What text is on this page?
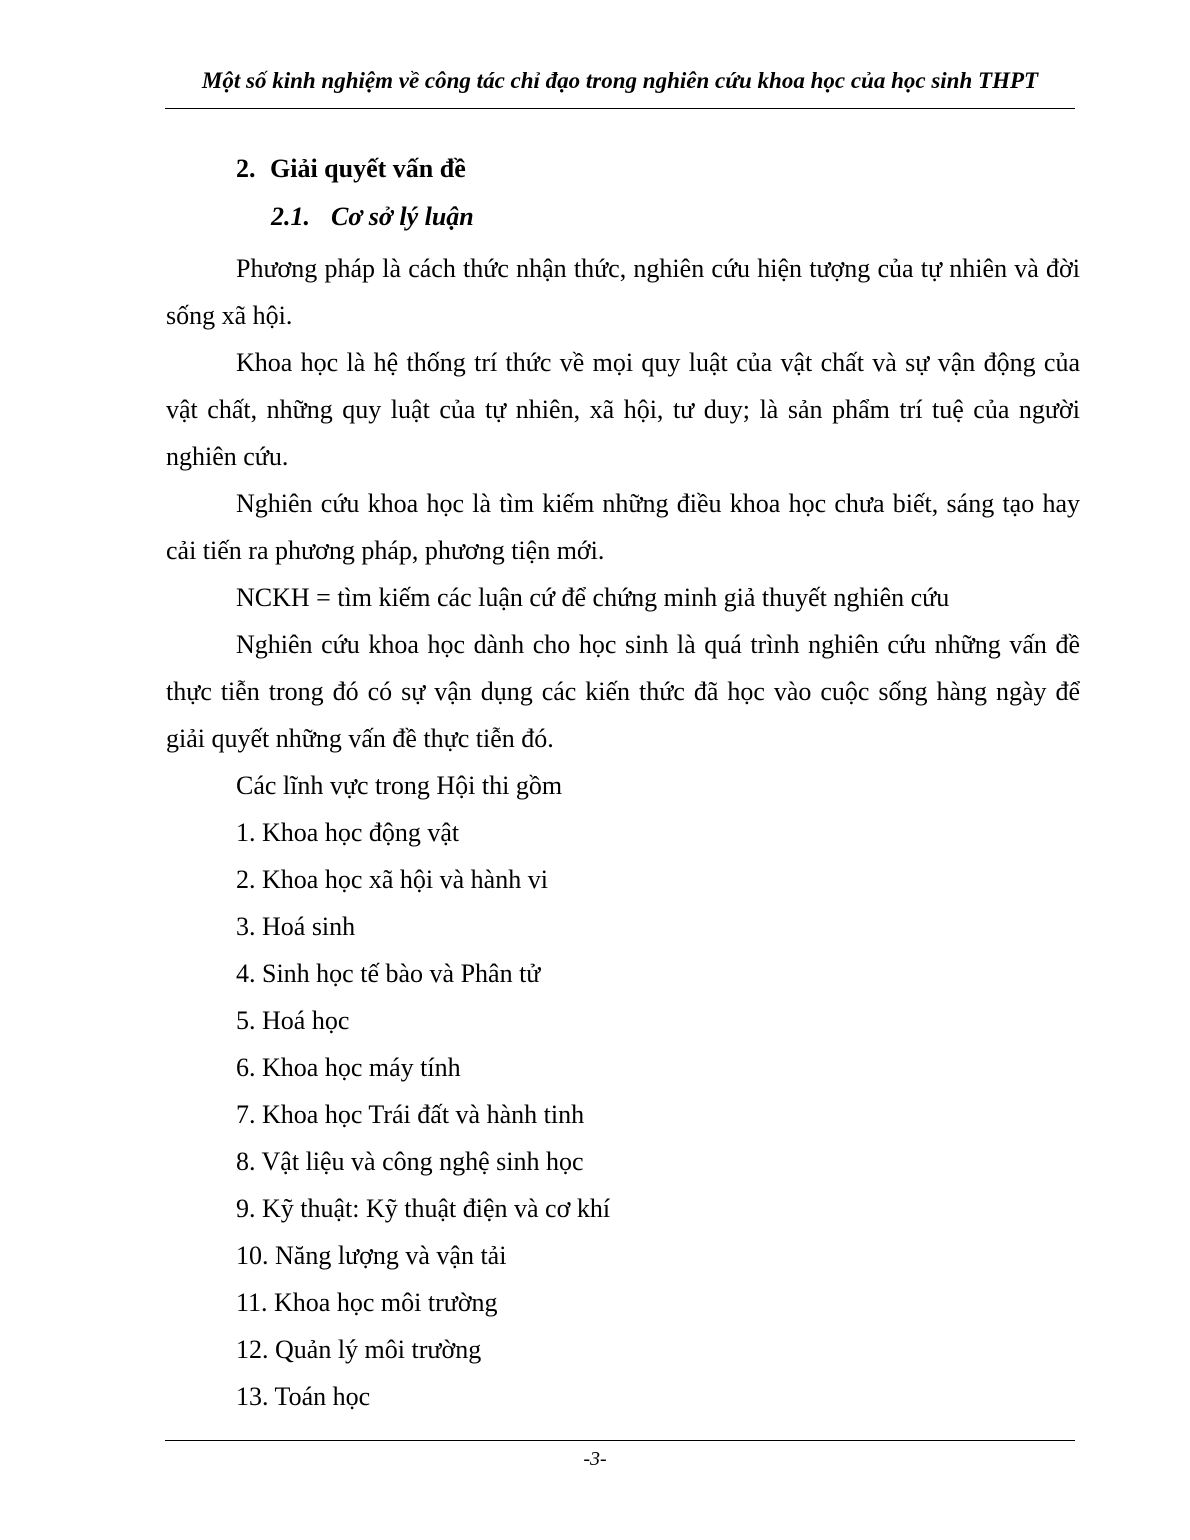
Một số kinh nghiệm về công tác chỉ đạo trong nghiên cứu khoa học của học sinh THPT
2. Giải quyết vấn đề
2.1. Cơ sở lý luận

Phương pháp là cách thức nhận thức, nghiên cứu hiện tượng của tự nhiên và đời sống xã hội.

Khoa học là hệ thống trí thức về mọi quy luật của vật chất và sự vận động của vật chất, những quy luật của tự nhiên, xã hội, tư duy; là sản phẩm trí tuệ của người nghiên cứu.

Nghiên cứu khoa học là tìm kiếm những điều khoa học chưa biết, sáng tạo hay cải tiến ra phương pháp, phương tiện mới.

NCKH = tìm kiếm các luận cứ để chứng minh giả thuyết nghiên cứu

Nghiên cứu khoa học dành cho học sinh là quá trình nghiên cứu những vấn đề thực tiễn trong đó có sự vận dụng các kiến thức đã học vào cuộc sống hàng ngày để giải quyết những vấn đề thực tiễn đó.

Các lĩnh vực trong Hội thi gồm
1. Khoa học động vật
2. Khoa học xã hội và hành vi
3. Hoá sinh
4. Sinh học tế bào và Phân tử
5. Hoá học
6. Khoa học máy tính
7. Khoa học Trái đất và hành tinh
8. Vật liệu và công nghệ sinh học
9. Kỹ thuật: Kỹ thuật điện và cơ khí
10. Năng lượng và vận tải
11. Khoa học môi trường
12. Quản lý môi trường
13. Toán học
-3-
